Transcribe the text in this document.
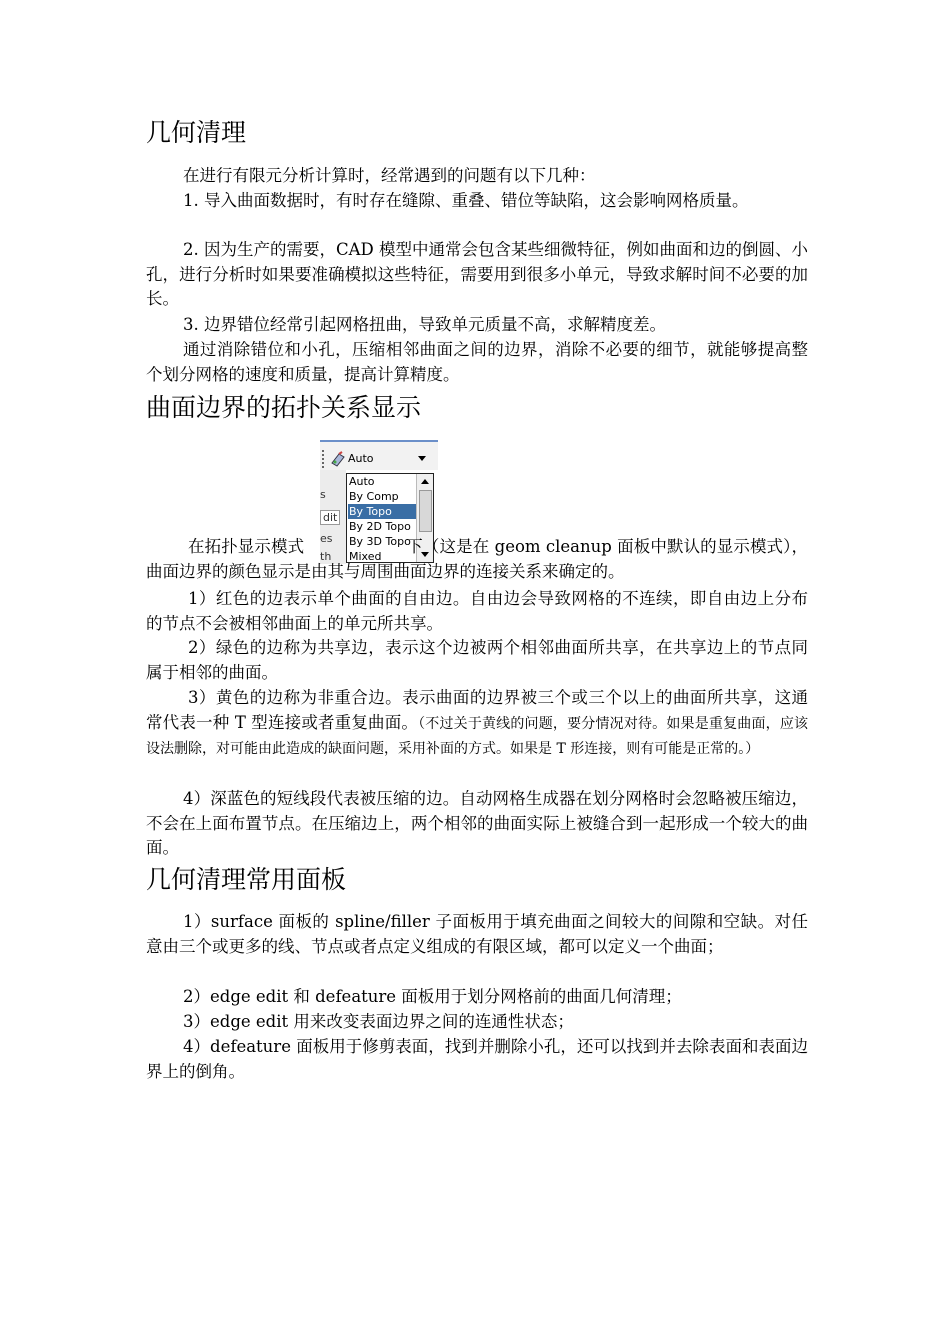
几何清理

在进行有限元分析计算时，经常遇到的问题有以下几种：

1. 导入曲面数据时，有时存在缝隙、重叠、错位等缺陷，这会影响网格质量。

2. 因为生产的需要，CAD 模型中通常会包含某些细微特征，例如曲面和边的倒圆、小孔，进行分析时如果要准确模拟这些特征，需要用到很多小单元，导致求解时间不必要的加长。

3. 边界错位经常引起网格扭曲，导致单元质量不高，求解精度差。

通过消除错位和小孔，压缩相邻曲面之间的边界，消除不必要的细节，就能够提高整个划分网格的速度和质量，提高计算精度。

曲面边界的拓扑关系显示
Auto
s
dit
es
th
Auto
By Comp
By Topo
By 2D Topo
By 3D Topo
Mixed

在拓扑显示模式	下（这是在 geom cleanup 面板中默认的显示模式），曲面边界的颜色显示是由其与周围曲面边界的连接关系来确定的。

1）红色的边表示单个曲面的自由边。自由边会导致网格的不连续，即自由边上分布的节点不会被相邻曲面上的单元所共享。

2）绿色的边称为共享边，表示这个边被两个相邻曲面所共享，在共享边上的节点同属于相邻的曲面。

3）黄色的边称为非重合边。表示曲面的边界被三个或三个以上的曲面所共享，这通常代表一种 T 型连接或者重复曲面。（不过关于黄线的问题，要分情况对待。如果是重复曲面，应该设法删除，对可能由此造成的缺面问题，采用补面的方式。如果是 T 形连接，则有可能是正常的。）

4）深蓝色的短线段代表被压缩的边。自动网格生成器在划分网格时会忽略被压缩边，不会在上面布置节点。在压缩边上，两个相邻的曲面实际上被缝合到一起形成一个较大的曲面。

几何清理常用面板

1）surface 面板的 spline/filler 子面板用于填充曲面之间较大的间隙和空缺。对任意由三个或更多的线、节点或者点定义组成的有限区域，都可以定义一个曲面；

2）edge edit 和 defeature 面板用于划分网格前的曲面几何清理；

3）edge edit 用来改变表面边界之间的连通性状态；

4）defeature 面板用于修剪表面，找到并删除小孔，还可以找到并去除表面和表面边界上的倒角。
